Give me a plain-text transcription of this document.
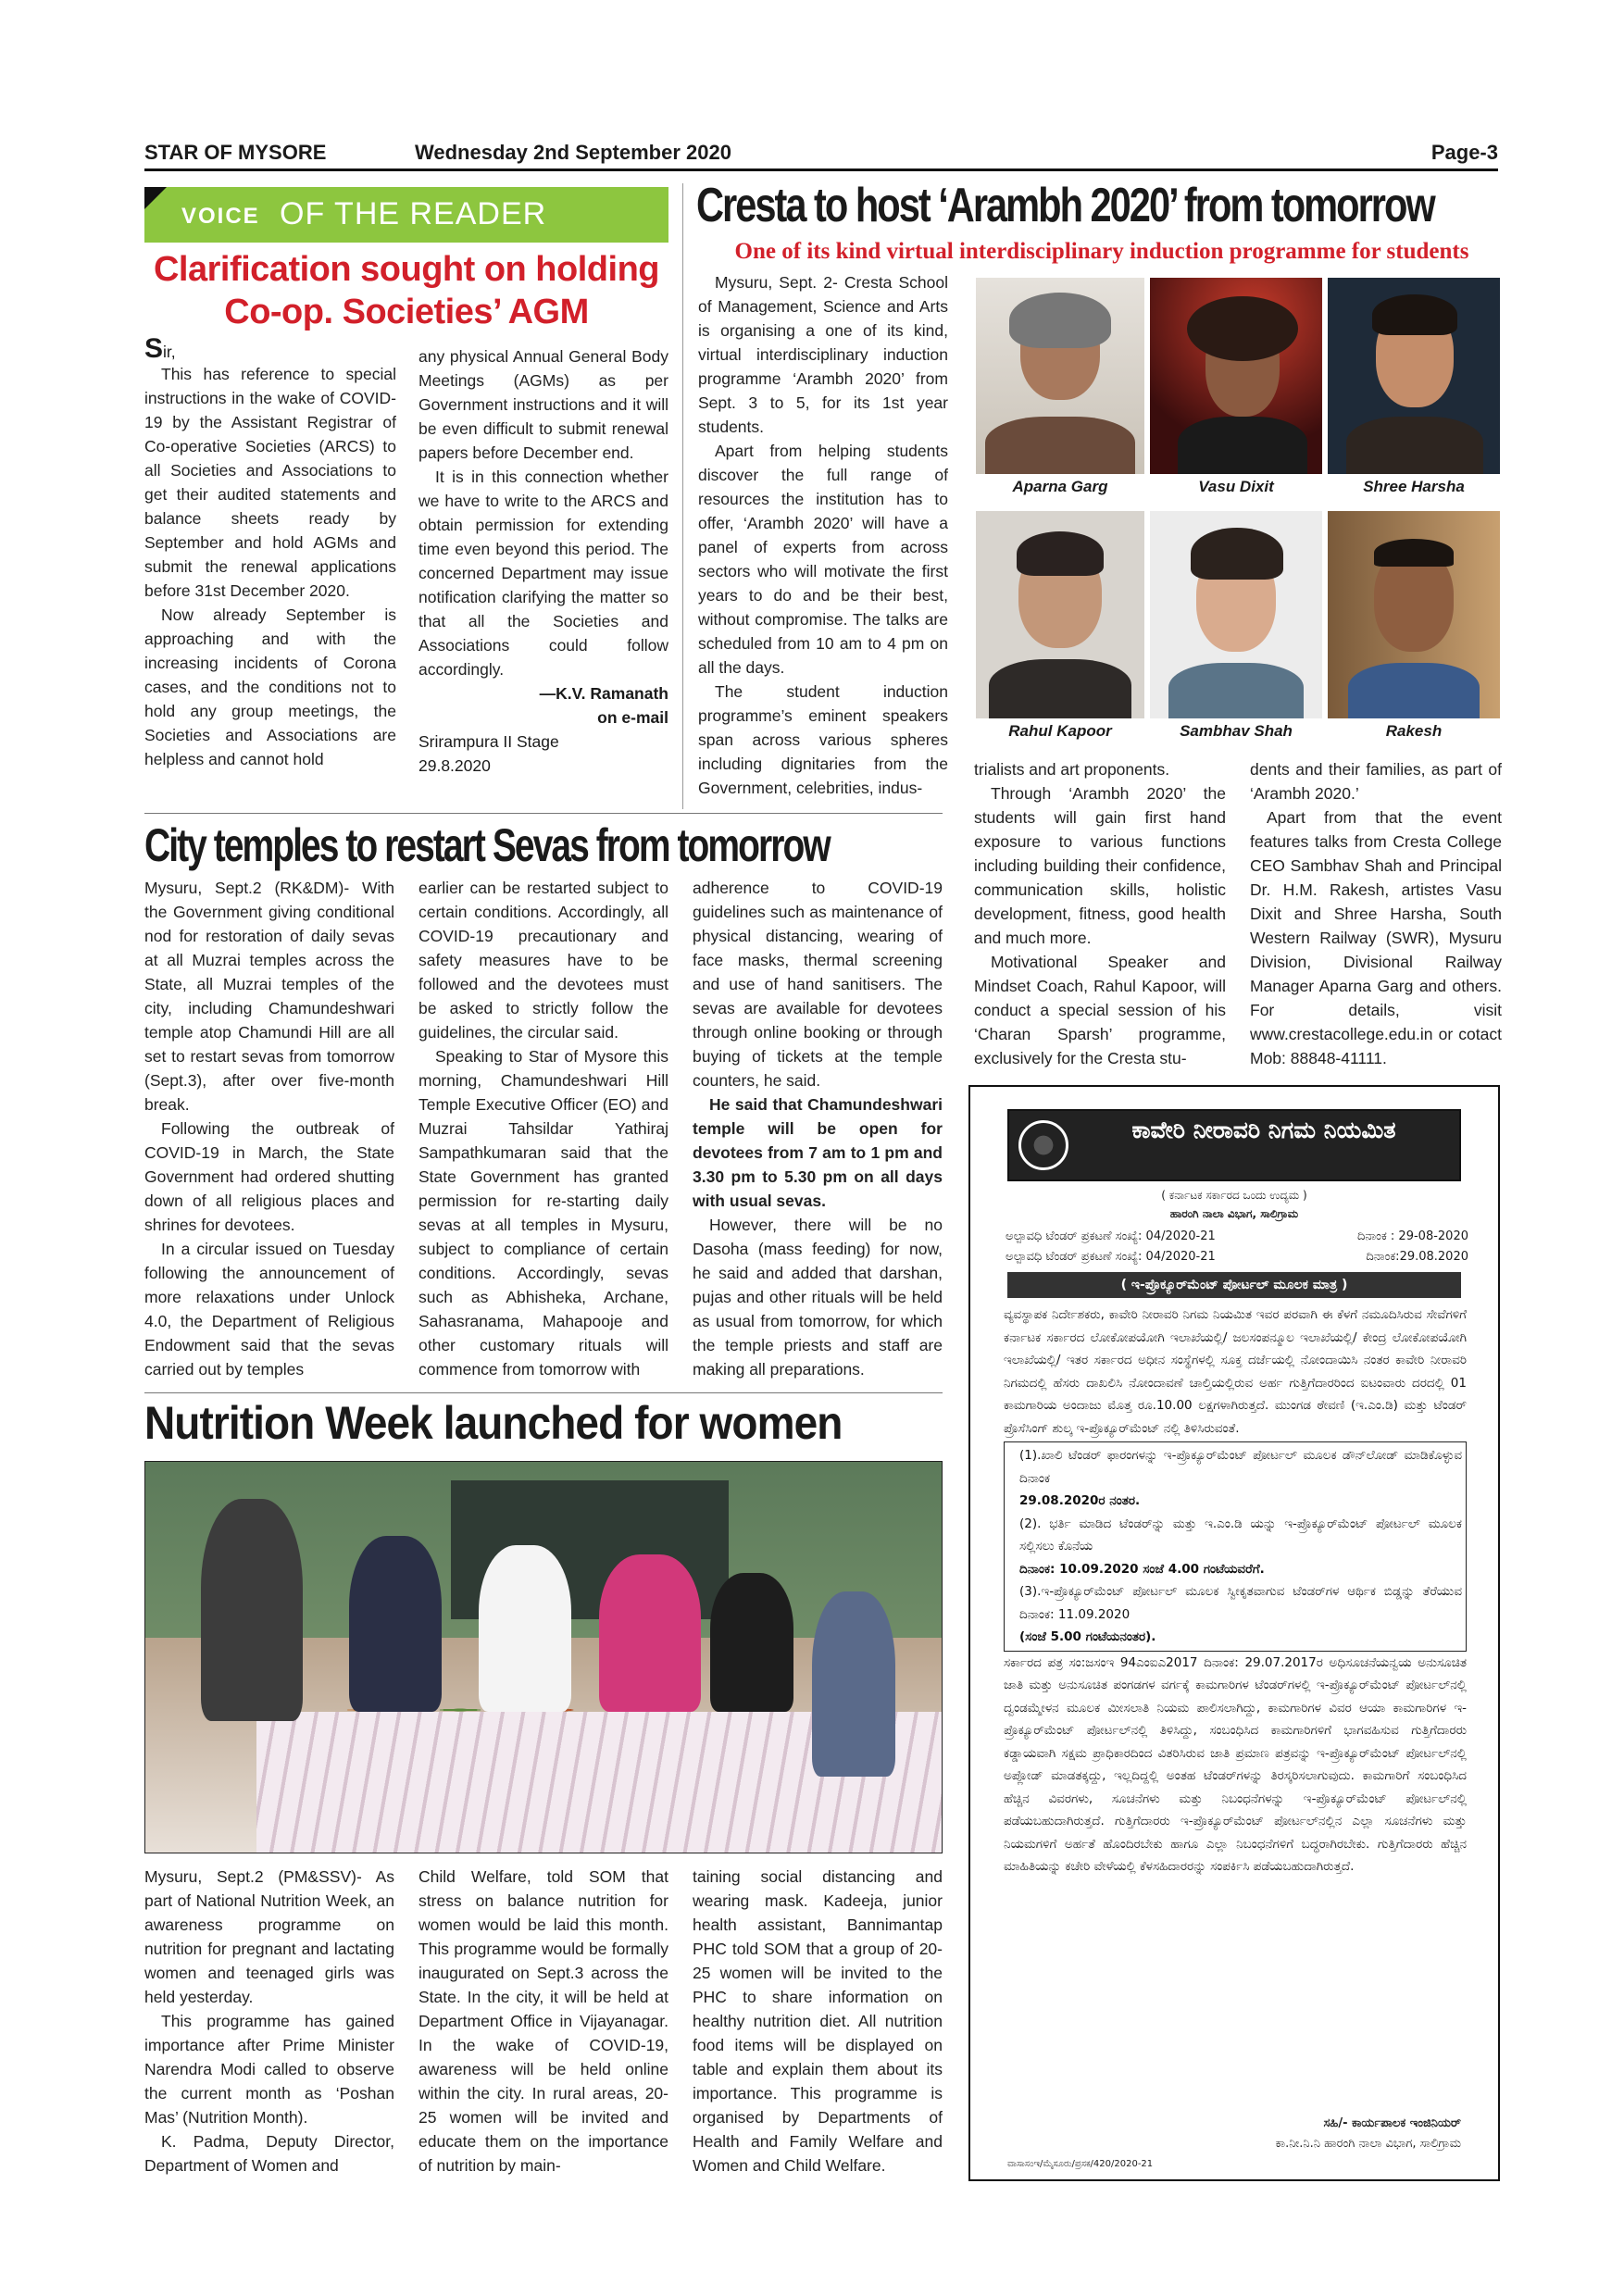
STAR OF MYSORE	Wednesday 2nd September 2020	Page-3
VOICE OF THE READER
Clarification sought on holding
Co-op. Societies’ AGM
Sir,

This has reference to special instructions in the wake of COVID-19 by the Assistant Registrar of Co-operative Societies (ARCS) to all Societies and Associations to get their audited statements and balance sheets ready by September and hold AGMs and submit the renewal applications before 31st December 2020.

Now already September is approaching and with the increasing incidents of Corona cases, and the conditions not to hold any group meetings, the Societies and Associations are helpless and cannot hold

any physical Annual General Body Meetings (AGMs) as per Government instructions and it will be even difficult to submit renewal papers before December end.

It is in this connection whether we have to write to the ARCS and obtain permission for extending time even beyond this period. The concerned Department may issue notification clarifying the matter so that all the Societies and Associations could follow accordingly.

—K.V. Ramanath
on e-mail
Srirampura II Stage
29.8.2020
Cresta to host ‘Arambh 2020’ from tomorrow
One of its kind virtual interdisciplinary induction programme for students

Mysuru, Sept. 2- Cresta School of Management, Science and Arts is organising a one of its kind, virtual interdisciplinary induction programme ‘Arambh 2020’ from Sept. 3 to 5, for its 1st year students.

Apart from helping students discover the full range of resources the institution has to offer, ‘Arambh 2020’ will have a panel of experts from across sectors who will motivate the first years to do and be their best, without compromise. The talks are scheduled from 10 am to 4 pm on all the days.

The student induction programme’s eminent speakers span across various spheres including dignitaries from the Government, celebrities, indus-

Aparna Garg	Vasu Dixit	Shree Harsha
Rahul Kapoor	Sambhav Shah	Rakesh

trialists and art proponents.

Through ‘Arambh 2020’ the students will gain first hand exposure to various functions including building their confidence, communication skills, holistic development, fitness, good health and much more.

Motivational Speaker and Mindset Coach, Rahul Kapoor, will conduct a special session of his ‘Charan Sparsh’ programme, exclusively for the Cresta stu-

dents and their families, as part of ‘Arambh 2020.’

Apart from that the event features talks from Cresta College CEO Sambhav Shah and Principal Dr. H.M. Rakesh, artistes Vasu Dixit and Shree Harsha, South Western Railway (SWR), Mysuru Division, Divisional Railway Manager Aparna Garg and others. For details, visit www.crestacollege.edu.in or cotact Mob: 88848-41111.

City temples to restart Sevas from tomorrow

Mysuru, Sept.2 (RK&DM)- With the Government giving conditional nod for restoration of daily sevas at all Muzrai temples across the State, all Muzrai temples of the city, including Chamundeshwari temple atop Chamundi Hill are all set to restart sevas from tomorrow (Sept.3), after over five-month break.

Following the outbreak of COVID-19 in March, the State Government had ordered shutting down of all religious places and shrines for devotees.

In a circular issued on Tuesday following the announcement of more relaxations under Unlock 4.0, the Department of Religious Endowment said that the sevas carried out by temples

earlier can be restarted subject to certain conditions. Accordingly, all COVID-19 precautionary and safety measures have to be followed and the devotees must be asked to strictly follow the guidelines, the circular said.

Speaking to Star of Mysore this morning, Chamundeshwari Hill Temple Executive Officer (EO) and Muzrai Tahsildar Yathiraj Sampathkumaran said that the State Government has granted permission for re-starting daily sevas at all temples in Mysuru, subject to compliance of certain conditions. Accordingly, sevas such as Abhisheka, Archane, Sahasranama, Mahapooje and other customary rituals will commence from tomorrow with

adherence to COVID-19 guidelines such as maintenance of physical distancing, wearing of face masks, thermal screening and use of hand sanitisers. The sevas are available for devotees through online booking or through buying of tickets at the temple counters, he said.

He said that Chamundeshwari temple will be open for devotees from 7 am to 1 pm and 3.30 pm to 5.30 pm on all days with usual sevas.

However, there will be no Dasoha (mass feeding) for now, he said and added that darshan, pujas and other rituals will be held as usual from tomorrow, for which the temple priests and staff are making all preparations.

Nutrition Week launched for women

Mysuru, Sept.2 (PM&SSV)- As part of National Nutrition Week, an awareness programme on nutrition for pregnant and lactating women and teenaged girls was held yesterday.

This programme has gained importance after Prime Minister Narendra Modi called to observe the current month as ‘Poshan Mas’ (Nutrition Month).

K. Padma, Deputy Director, Department of Women and

Child Welfare, told SOM that stress on balance nutrition for women would be laid this month. This programme would be formally inaugurated on Sept.3 across the State. In the city, it will be held at Department Office in Vijayanagar. In the wake of COVID-19, awareness will be held online within the city. In rural areas, 20-25 women will be invited and educate them on the importance of nutrition by main-

taining social distancing and wearing mask. Kadeeja, junior health assistant, Bannimantap PHC told SOM that a group of 20-25 women will be invited to the PHC to share information on healthy nutrition diet. All nutrition food items will be displayed on table and explain them about its importance. This programme is organised by Departments of Health and Family Welfare and Women and Child Welfare.

ಕಾವೇರಿ ನೀರಾವರಿ ನಿಗಮ ನಿಯಮಿತ
( ಕರ್ನಾಟಕ ಸರ್ಕಾರದ ಒಂದು ಉದ್ಯಮ )
ಹಾರಂಗಿ ನಾಲಾ ವಿಭಾಗ, ಸಾಲಿಗ್ರಾಮ
ಅಲ್ಪಾವಧಿ ಟೆಂಡರ್ ಪ್ರಕಟಣೆ ಸಂಖ್ಯೆ: 04/2020-21	ದಿನಾಂಕ : 29-08-2020
ಅಲ್ಪಾವಧಿ ಟೆಂಡರ್ ಪ್ರಕಟಣೆ ಸಂಖ್ಯೆ: 04/2020-21	ದಿನಾಂಕ:29.08.2020
( ಇ-ಪ್ರೊಕ್ಯೂರ್‌ಮೆಂಟ್ ಪೋರ್ಟಲ್ ಮೂಲಕ ಮಾತ್ರ )

ವ್ಯವಸ್ಥಾಪಕ ನಿರ್ದೇಶಕರು, ಕಾವೇರಿ ನೀರಾವರಿ ನಿಗಮ ನಿಯಮಿತ ಇವರ ಪರವಾಗಿ ಈ ಕೆಳಗೆ ನಮೂದಿಸಿರುವ ಸೇವೆಗಳಿಗೆ ಕರ್ನಾಟಕ ಸರ್ಕಾರದ ಲೋಕೋಪಯೋಗಿ ಇಲಾಖೆಯಲ್ಲಿ/ ಜಲಸಂಪನ್ಮೂಲ ಇಲಾಖೆಯಲ್ಲಿ/ ಕೇಂದ್ರ ಲೋಕೋಪಯೋಗಿ ಇಲಾಖೆಯಲ್ಲಿ/ ಇತರ ಸರ್ಕಾರದ ಅಧೀನ ಸಂಸ್ಥೆಗಳಲ್ಲಿ ಸೂಕ್ತ ದರ್ಜೆಯಲ್ಲಿ ನೋಂದಾಯಿಸಿ ನಂತರ ಕಾವೇರಿ ನೀರಾವರಿ ನಿಗಮದಲ್ಲಿ ಹೆಸರು ದಾಖಲಿಸಿ ನೋಂದಾವಣೆ ಚಾಲ್ತಿಯಲ್ಲಿರುವ ಅರ್ಹ ಗುತ್ತಿಗೆದಾರರಿಂದ ಐಟಂವಾರು ದರದಲ್ಲಿ 01 ಕಾಮಗಾರಿಯ ಅಂದಾಜು ಮೊತ್ತ ರೂ.10.00 ಲಕ್ಷಗಳಾಗಿರುತ್ತದೆ. ಮುಂಗಡ ಠೇವಣಿ (ಇ.ಎಂ.ಡಿ) ಮತ್ತು ಟೆಂಡರ್ ಪ್ರೊಸೆಸಿಂಗ್ ಶುಲ್ಕ ಇ-ಪ್ರೊಕ್ಯೂರ್‌ಮೆಂಟ್ ನಲ್ಲಿ ತಿಳಿಸಿರುವಂತೆ.

(1).ಖಾಲಿ ಟೆಂಡರ್ ಫಾರಂಗಳನ್ನು ಇ-ಪ್ರೊಕ್ಯೂರ್‌ಮೆಂಟ್ ಪೋರ್ಟಲ್ ಮೂಲಕ ಡೌನ್‌ಲೋಡ್ ಮಾಡಿಕೊಳ್ಳುವ ದಿನಾಂಕ

29.08.2020ರ ನಂತರ.

(2). ಭರ್ತಿ ಮಾಡಿದ ಟೆಂಡರ್‌ನ್ನು ಮತ್ತು ಇ.ಎಂ.ಡಿ ಯನ್ನು ಇ-ಪ್ರೊಕ್ಯೂರ್‌ಮೆಂಟ್ ಪೋರ್ಟಲ್ ಮೂಲಕ ಸಲ್ಲಿಸಲು ಕೊನೆಯ

ದಿನಾಂಕ: 10.09.2020 ಸಂಜೆ 4.00 ಗಂಟೆಯವರೆಗೆ.

(3).ಇ-ಪ್ರೊಕ್ಯೂರ್‌ಮೆಂಟ್ ಪೋರ್ಟಲ್ ಮೂಲಕ ಸ್ವೀಕೃತವಾಗುವ ಟೆಂಡರ್‌ಗಳ ಆರ್ಥಿಕ ಬಿಡ್ಡನ್ನು ತೆರೆಯುವ ದಿನಾಂಕ: 11.09.2020

(ಸಂಜೆ 5.00 ಗಂಟೆಯನಂತರ).

ಸರ್ಕಾರದ ಪತ್ರ ಸಂ:ಜಸಂಇ 94ಎಂಐಎ2017 ದಿನಾಂಕ: 29.07.2017ರ ಅಧಿಸೂಚನೆಯನ್ವಯ ಅನುಸೂಚಿತ ಜಾತಿ ಮತ್ತು ಅನುಸೂಚಿತ ಪಂಗಡಗಳ ವರ್ಗಕ್ಕೆ ಕಾಮಗಾರಿಗಳ ಟೆಂಡರ್‌ಗಳಲ್ಲಿ ಇ-ಪ್ರೊಕ್ಯೂರ್‌ಮೆಂಟ್ ಪೋರ್ಟಲ್‌ನಲ್ಲಿ ದ್ವಂಡಮ್ಮೇಳನ ಮೂಲಕ ಮೀಸಲಾತಿ ನಿಯಮ ಪಾಲಿಸಲಾಗಿದ್ದು, ಕಾಮಗಾರಿಗಳ ವಿವರ ಆಯಾ ಕಾಮಗಾರಿಗಳ ಇ-ಪ್ರೊಕ್ಯೂರ್‌ಮೆಂಟ್ ಪೋರ್ಟಲ್‌ನಲ್ಲಿ ತಿಳಿಸಿದ್ದು, ಸಂಬಂಧಿಸಿದ ಕಾಮಗಾರಿಗಳಿಗೆ ಭಾಗವಹಿಸುವ ಗುತ್ತಿಗೆದಾರರು ಕಡ್ಡಾಯವಾಗಿ ಸಕ್ಷಮ ಪ್ರಾಧಿಕಾರದಿಂದ ವಿತರಿಸಿರುವ ಜಾತಿ ಪ್ರಮಾಣ ಪತ್ರವನ್ನು ಇ-ಪ್ರೊಕ್ಯೂರ್‌ಮೆಂಟ್ ಪೋರ್ಟಲ್‌ನಲ್ಲಿ ಅಪ್ಲೋಡ್ ಮಾಡತಕ್ಕದ್ದು, ಇಲ್ಲದಿದ್ದಲ್ಲಿ ಅಂತಹ ಟೆಂಡರ್‌ಗಳನ್ನು ತಿರಸ್ಕರಿಸಲಾಗುವುದು. ಕಾಮಗಾರಿಗೆ ಸಂಬಂಧಿಸಿದ ಹೆಚ್ಚಿನ ವಿವರಗಳು, ಸೂಚನೆಗಳು ಮತ್ತು ನಿಬಂಧನೆಗಳನ್ನು ಇ-ಪ್ರೊಕ್ಯೂರ್‌ಮೆಂಟ್ ಪೋರ್ಟಲ್‌ನಲ್ಲಿ ಪಡೆಯಬಹುದಾಗಿರುತ್ತದೆ. ಗುತ್ತಿಗೆದಾರರು ಇ-ಪ್ರೊಕ್ಯೂರ್‌ಮೆಂಟ್ ಪೋರ್ಟಲ್‌ನಲ್ಲಿನ ಎಲ್ಲಾ ಸೂಚನೆಗಳು ಮತ್ತು ನಿಯಮಗಳಿಗೆ ಅರ್ಹತೆ ಹೊಂದಿರಬೇಕು ಹಾಗೂ ಎಲ್ಲಾ ನಿಬಂಧನೆಗಳಿಗೆ ಬದ್ಧರಾಗಿರಬೇಕು. ಗುತ್ತಿಗೆದಾರರು ಹೆಚ್ಚಿನ ಮಾಹಿತಿಯನ್ನು ಕಚೇರಿ ವೇಳೆಯಲ್ಲಿ ಕೆಳಸಹಿದಾರರನ್ನು ಸಂಪರ್ಕಿಸಿ ಪಡೆಯಬಹುದಾಗಿರುತ್ತದೆ.

ಸಹಿ/- ಕಾರ್ಯಪಾಲಕ ಇಂಜಿನಿಯರ್
ಕಾ.ನೀ.ನಿ.ನಿ ಹಾರಂಗಿ ನಾಲಾ ವಿಭಾಗ, ಸಾಲಿಗ್ರಾಮ
ವಾಸಾಸಂಇ/ಮೈಸೂರು/ಪ್ರಸಕ/420/2020-21
